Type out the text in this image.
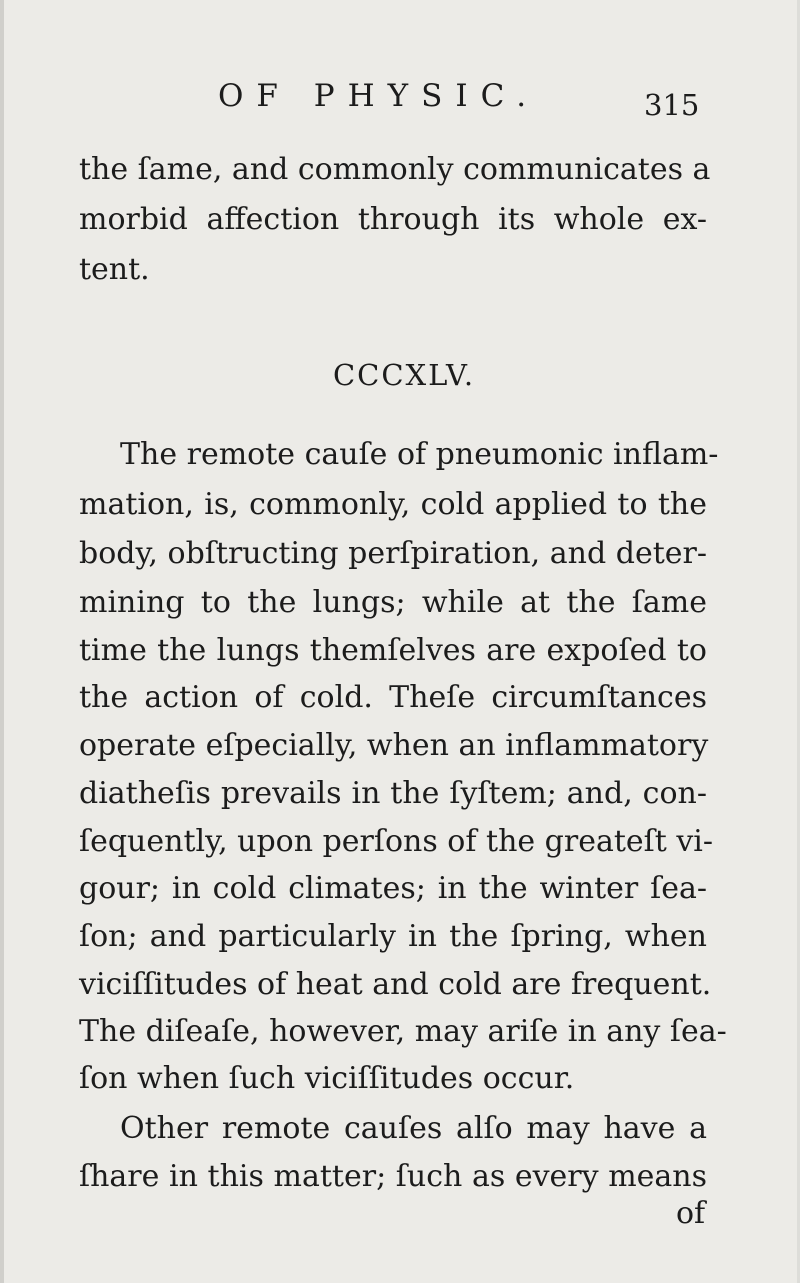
OF PHYSIC.	315
the ſame, and commonly communicates a
morbid affection through its whole ex-
tent.
CCCXLV.
The remote cauſe of pneumonic inflam-
mation, is, commonly, cold applied to the
body, obſtructing perſpiration, and deter-
mining to the lungs; while at the ſame
time the lungs themſelves are expoſed to
the action of cold. Theſe circumſtances
operate eſpecially, when an inflammatory
diatheſis prevails in the ſyſtem; and, con-
ſequently, upon perſons of the greateſt vi-
gour; in cold climates; in the winter ſea-
ſon; and particularly in the ſpring, when
viciſſitudes of heat and cold are frequent.
The diſeaſe, however, may ariſe in any ſea-
ſon when ſuch viciſſitudes occur.
Other remote cauſes alſo may have a
ſhare in this matter; ſuch as every means
of
